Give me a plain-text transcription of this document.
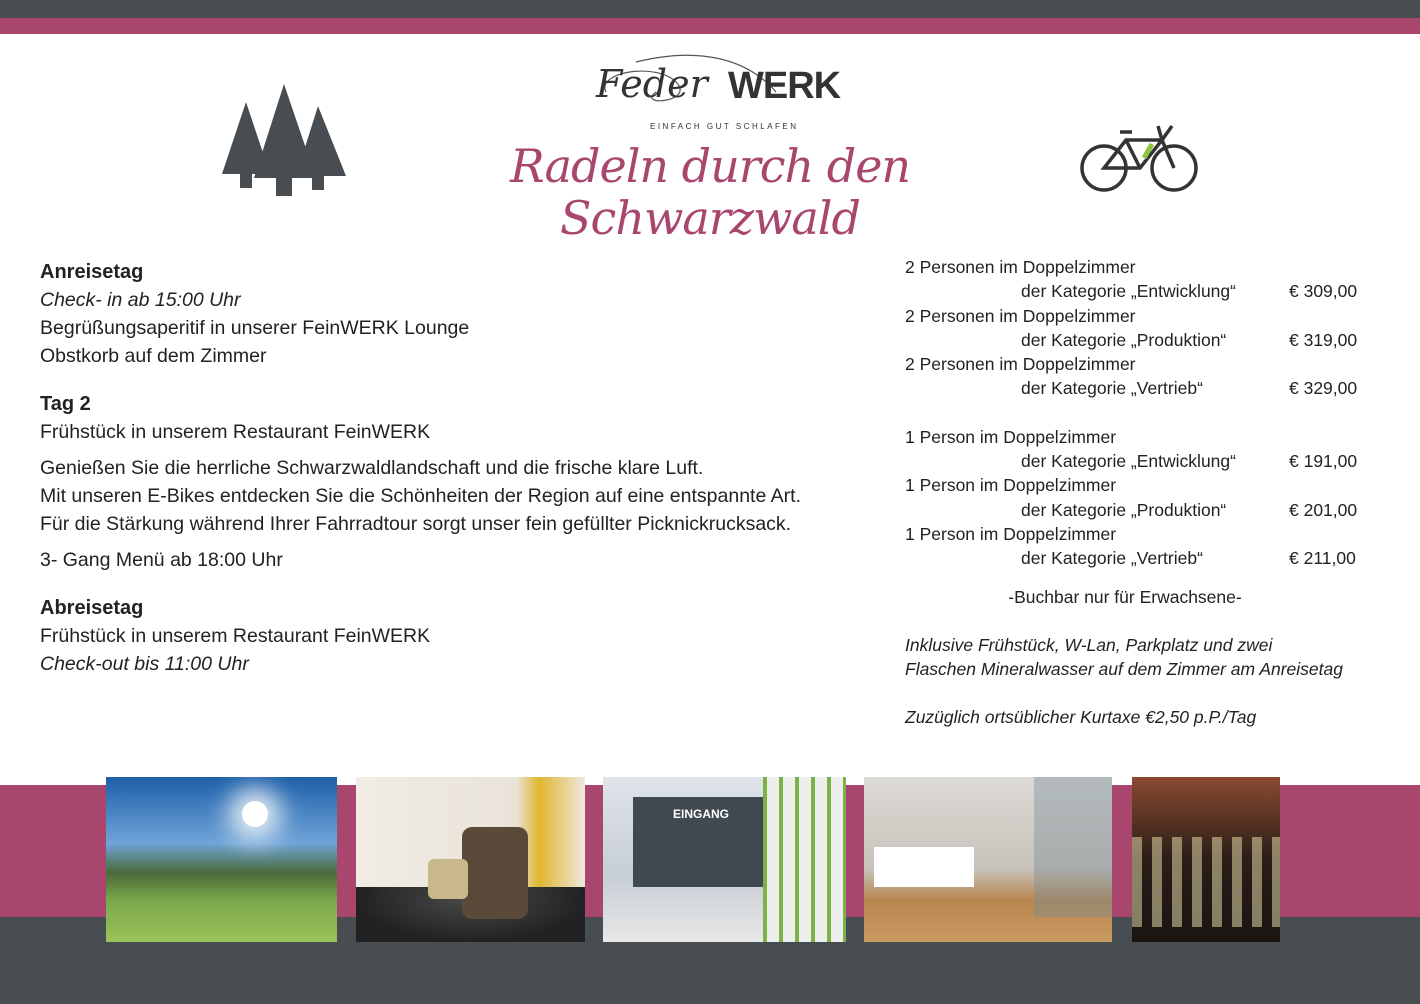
Feder WERK
EINFACH GUT SCHLAFEN
Radeln durch den Schwarzwald
Anreisetag
Check- in ab 15:00 Uhr
Begrüßungsaperitif in unserer FeinWERK Lounge
Obstkorb auf dem Zimmer
Tag 2
Frühstück in unserem Restaurant FeinWERK
Genießen Sie die herrliche Schwarzwaldlandschaft und die frische klare Luft.
Mit unseren E-Bikes entdecken Sie die Schönheiten der Region auf eine entspannte Art.
Für die Stärkung während Ihrer Fahrradtour sorgt unser fein gefüllter Picknickrucksack.
3- Gang Menü ab 18:00 Uhr
Abreisetag
Frühstück in unserem Restaurant FeinWERK
Check-out bis 11:00 Uhr
2 Personen im Doppelzimmer
der Kategorie „Entwicklung“	€ 309,00
2 Personen im Doppelzimmer
der Kategorie „Produktion“	€ 319,00
2 Personen im Doppelzimmer
der Kategorie „Vertrieb“	€ 329,00
1 Person im Doppelzimmer
der Kategorie „Entwicklung“	€ 191,00
1 Person im Doppelzimmer
der Kategorie „Produktion“	€ 201,00
1 Person im Doppelzimmer
der Kategorie „Vertrieb“	€ 211,00
-Buchbar nur für Erwachsene-
Inklusive Frühstück, W-Lan, Parkplatz und zwei
Flaschen Mineralwasser auf dem Zimmer am Anreisetag
Zuzüglich ortsüblicher Kurtaxe €2,50 p.P./Tag
EINGANG
